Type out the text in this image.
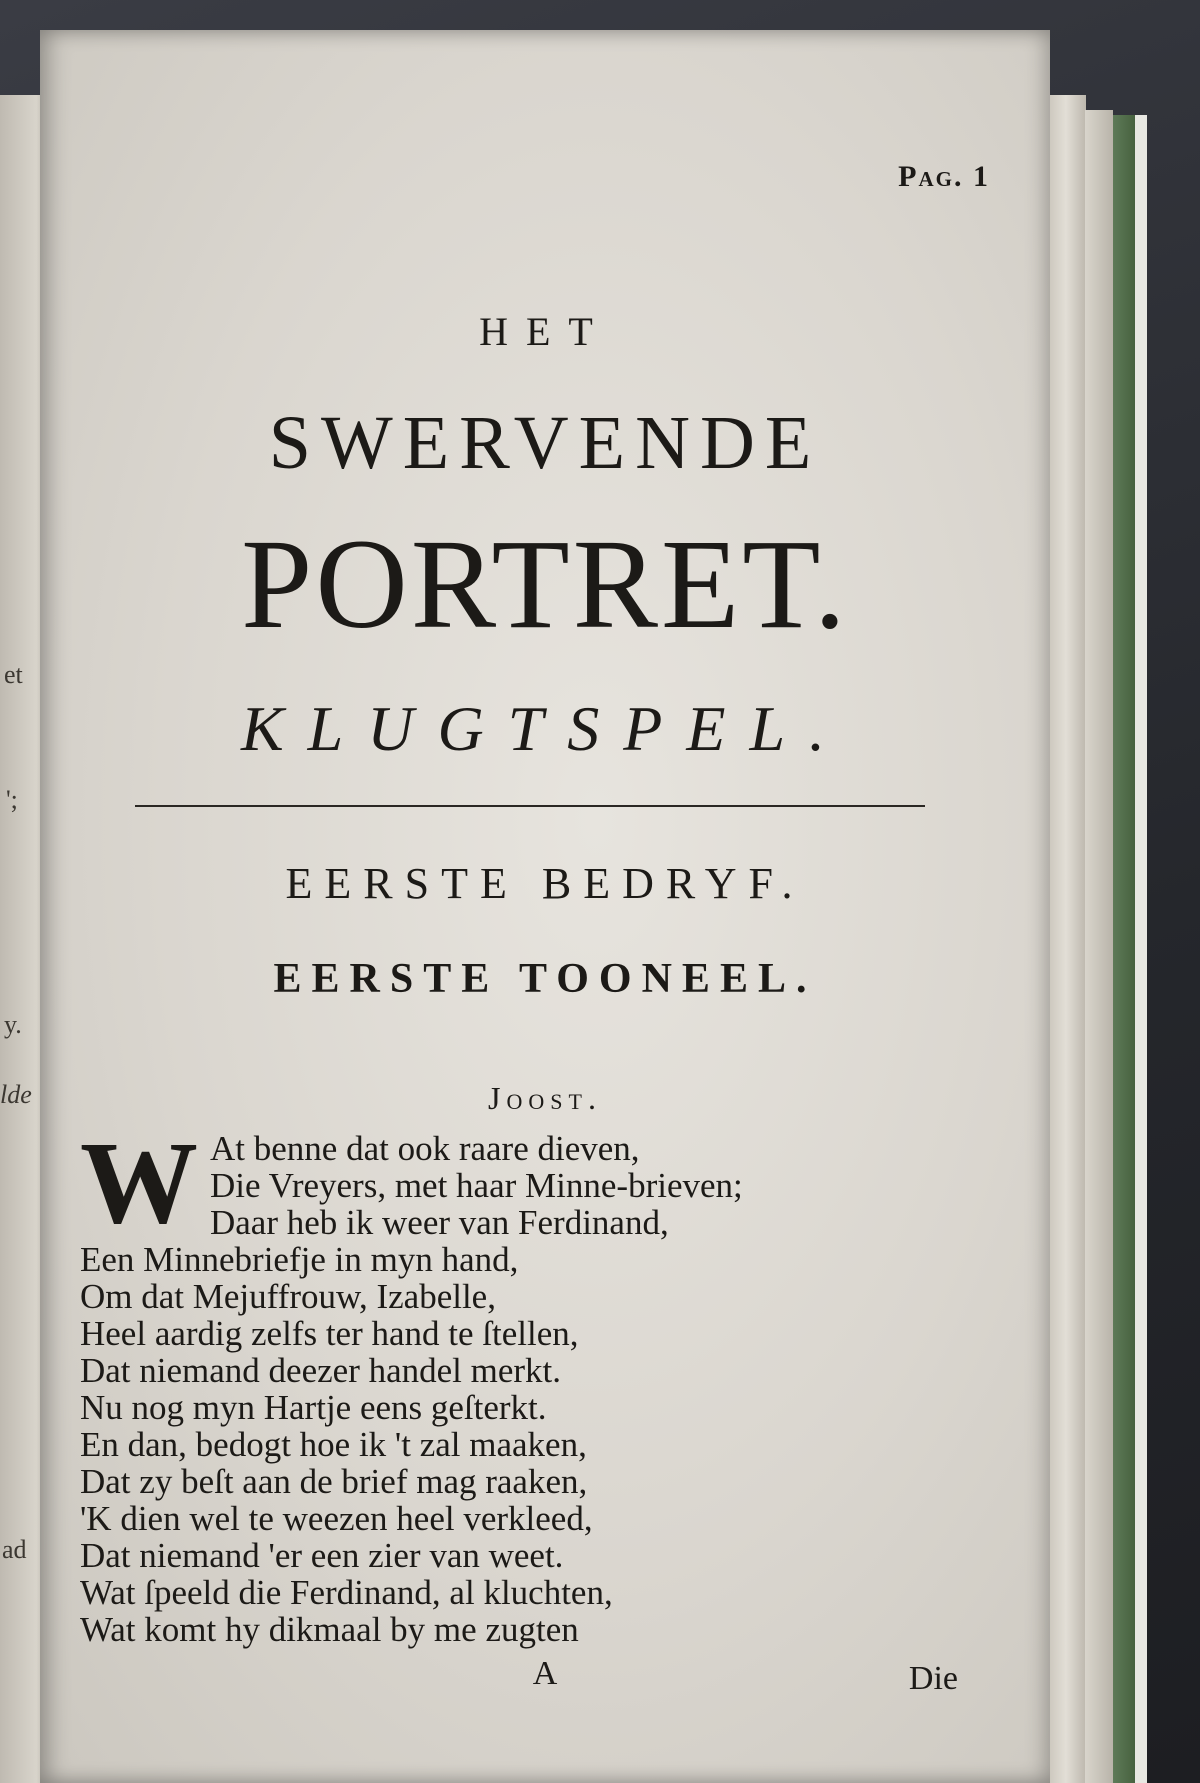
et
';
y.
lde
ad
Pag. 1
HET
SWERVENDE
PORTRET.
KLUGTSPEL.
EERSTE BEDRYF.
EERSTE TOONEEL.
Joost.
W At benne dat ook raare dieven,
Die Vreyers, met haar Minne-brieven;
Daar heb ik weer van Ferdinand,
Een Minnebriefje in myn hand,
Om dat Mejuffrouw, Izabelle,
Heel aardig zelfs ter hand te ſtellen,
Dat niemand deezer handel merkt.
Nu nog myn Hartje eens geſterkt.
En dan, bedogt hoe ik 't zal maaken,
Dat zy beſt aan de brief mag raaken,
'K dien wel te weezen heel verkleed,
Dat niemand 'er een zier van weet.
Wat ſpeeld die Ferdinand, al kluchten,
Wat komt hy dikmaal by me zugten
A	Die
